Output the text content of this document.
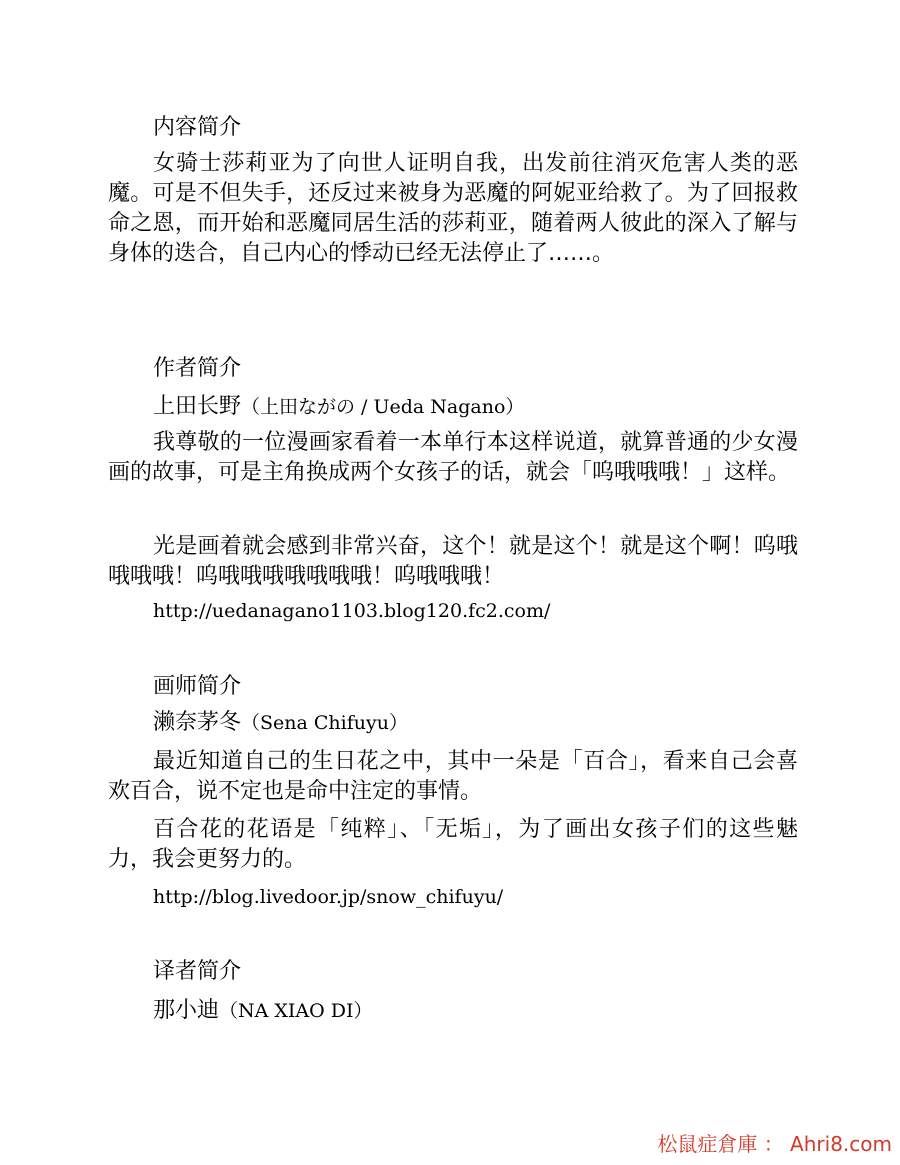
内容简介

女骑士莎莉亚为了向世人证明自我，出发前往消灭危害人类的恶魔。可是不但失手，还反过来被身为恶魔的阿妮亚给救了。为了回报救命之恩，而开始和恶魔同居生活的莎莉亚，随着两人彼此的深入了解与身体的迭合，自己内心的悸动已经无法停止了……。

作者简介
上田长野（上田ながの / Ueda Nagano）

我尊敬的一位漫画家看着一本单行本这样说道，就算普通的少女漫画的故事，可是主角换成两个女孩子的话，就会「呜哦哦哦！」这样。

光是画着就会感到非常兴奋，这个！就是这个！就是这个啊！呜哦哦哦哦！呜哦哦哦哦哦哦哦！呜哦哦哦！

http://uedanagano1103.blog120.fc2.com/
画师简介
濑奈茅冬（Sena Chifuyu）

最近知道自己的生日花之中，其中一朵是「百合」，看来自己会喜欢百合，说不定也是命中注定的事情。

百合花的花语是「纯粹」、「无垢」，为了画出女孩子们的这些魅力，我会更努力的。

http://blog.livedoor.jp/snow_chifuyu/
译者简介
那小迪（NA XIAO DI）
松鼠症倉庫 ： Ahri8.com
